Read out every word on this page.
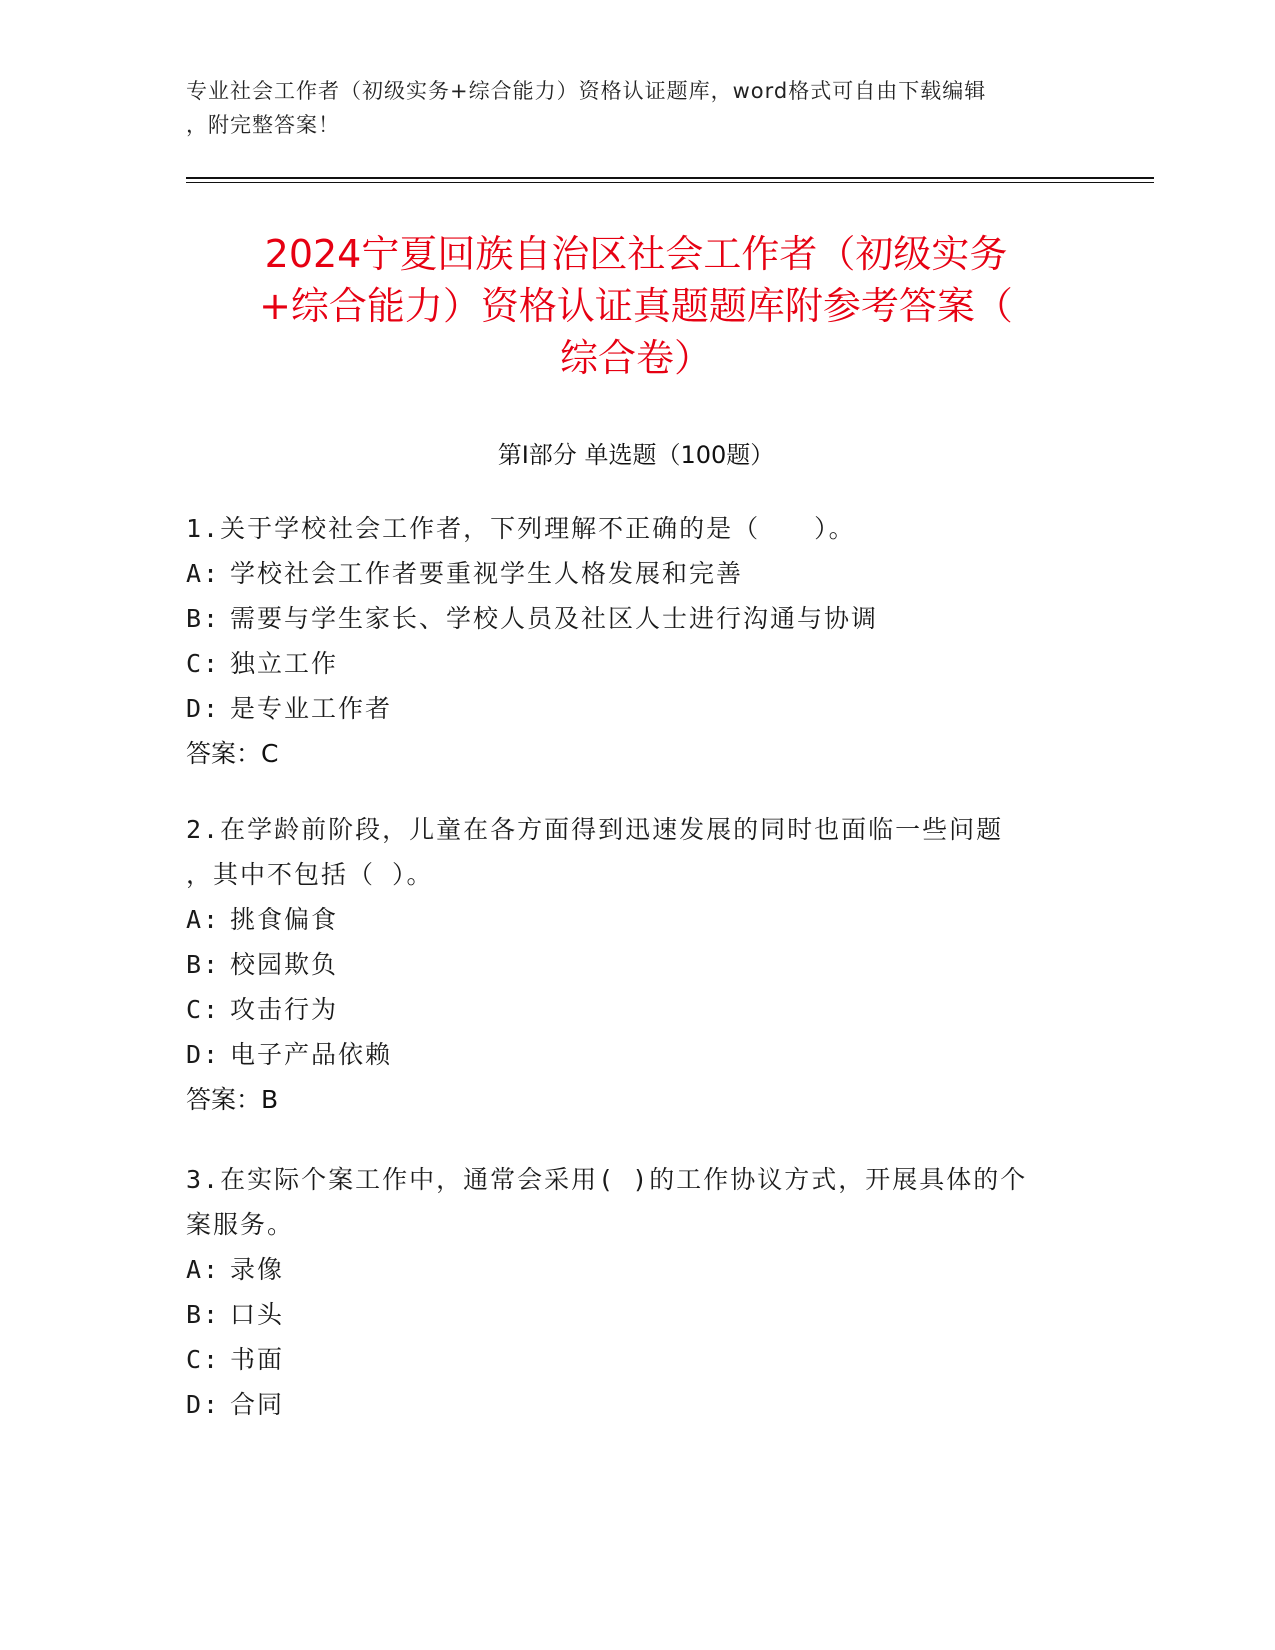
专业社会工作者（初级实务+综合能力）资格认证题库，word格式可自由下载编辑
，附完整答案！
2024宁夏回族自治区社会工作者（初级实务
+综合能力）资格认证真题题库附参考答案（
综合卷）
第Ⅰ部分 单选题（100题）
1.关于学校社会工作者，下列理解不正确的是（　　）。
A: 学校社会工作者要重视学生人格发展和完善
B: 需要与学生家长、学校人员及社区人士进行沟通与协调
C: 独立工作
D: 是专业工作者
答案：C
2.在学龄前阶段，儿童在各方面得到迅速发展的同时也面临一些问题
，其中不包括（ ）。
A: 挑食偏食
B: 校园欺负
C: 攻击行为
D: 电子产品依赖
答案：B
3.在实际个案工作中，通常会采用( )的工作协议方式，开展具体的个
案服务。
A: 录像
B: 口头
C: 书面
D: 合同
